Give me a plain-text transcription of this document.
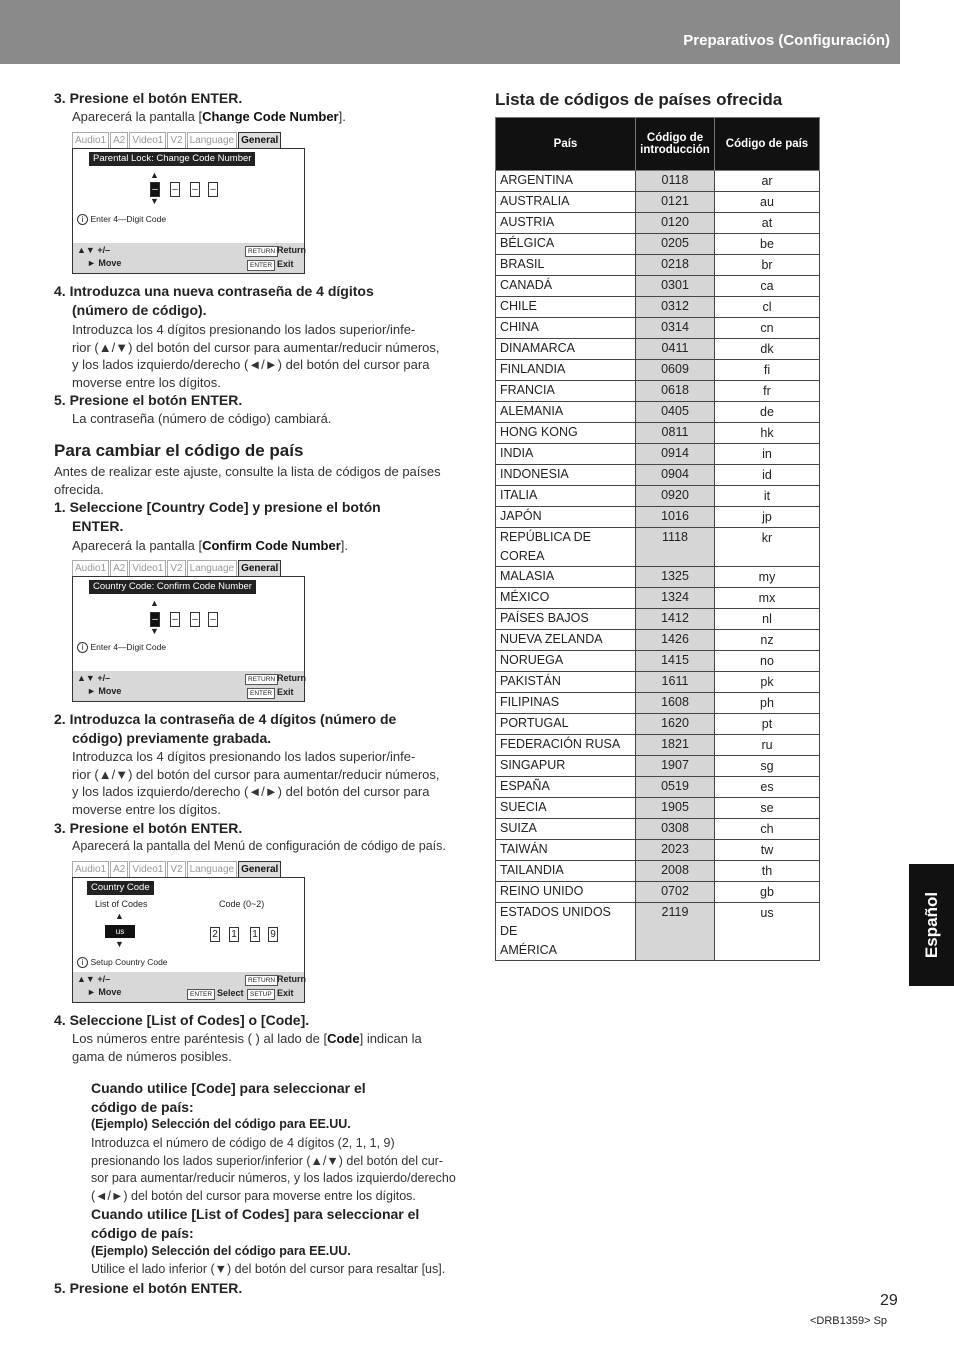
Preparativos (Configuración)
Español
3. Presione el botón ENTER.
Aparecerá la pantalla [Change Code Number].
Audio1 A2 Video1 V2 Language General
Parental Lock: Change Code Number
▲
–
▼
– – –
i Enter 4—Digit Code
▲▼ +/–
► Move
RETURN Return
ENTER Exit
4. Introduzca una nueva contraseña de 4 dígitos
(número de código).
Introduzca los 4 dígitos presionando los lados superior/infe-
rior (▲/▼) del botón del cursor para aumentar/reducir números,
y los lados izquierdo/derecho (◄/►) del botón del cursor para
moverse entre los dígitos.
5. Presione el botón ENTER.
La contraseña (número de código) cambiará.
Para cambiar el código de país
Antes de realizar este ajuste, consulte la lista de códigos de países
ofrecida.
1. Seleccione [Country Code] y presione el botón
ENTER.
Aparecerá la pantalla [Confirm Code Number].
Audio1 A2 Video1 V2 Language General
Country Code: Confirm Code Number
▲
–
▼
– – –
i Enter 4—Digit Code
▲▼ +/–
► Move
RETURN Return
ENTER Exit
2. Introduzca la contraseña de 4 dígitos (número de
código) previamente grabada.
Introduzca los 4 dígitos presionando los lados superior/infe-
rior (▲/▼) del botón del cursor para aumentar/reducir números,
y los lados izquierdo/derecho (◄/►) del botón del cursor para
moverse entre los dígitos.
3. Presione el botón ENTER.
Aparecerá la pantalla del Menú de configuración de código de país.
Audio1 A2 Video1 V2 Language General
Country Code
List of Codes	Code (0~2)
▲
us
▼
2 1 1 9
i Setup Country Code
▲▼ +/–
► Move
RETURN Return
ENTER Select SETUP Exit
4. Seleccione [List of Codes] o [Code].
Los números entre paréntesis ( ) al lado de [Code] indican la
gama de números posibles.
Cuando utilice [Code] para seleccionar el
código de país:
(Ejemplo) Selección del código para EE.UU.
Introduzca el número de código de 4 dígitos (2, 1, 1, 9)
presionando los lados superior/inferior (▲/▼) del botón del cur-
sor para aumentar/reducir números, y los lados izquierdo/derecho
(◄/►) del botón del cursor para moverse entre los dígitos.
Cuando utilice [List of Codes] para seleccionar el
código de país:
(Ejemplo) Selección del código para EE.UU.
Utilice el lado inferior (▼) del botón del cursor para resaltar [us].
5. Presione el botón ENTER.
Lista de códigos de países ofrecida
País	Código de
introducción	Código de país
ARGENTINA	0118	ar
AUSTRALIA	0121	au
AUSTRIA	0120	at
BÉLGICA	0205	be
BRASIL	0218	br
CANADÁ	0301	ca
CHILE	0312	cl
CHINA	0314	cn
DINAMARCA	0411	dk
FINLANDIA	0609	fi
FRANCIA	0618	fr
ALEMANIA	0405	de
HONG KONG	0811	hk
INDIA	0914	in
INDONESIA	0904	id
ITALIA	0920	it
JAPÓN	1016	jp

REPÚBLICA DE
COREA	1118	kr
MALASIA	1325	my
MÉXICO	1324	mx
PAÍSES BAJOS	1412	nl
NUEVA ZELANDA	1426	nz
NORUEGA	1415	no
PAKISTÁN	1611	pk
FILIPINAS	1608	ph
PORTUGAL	1620	pt
FEDERACIÓN RUSA	1821	ru
SINGAPUR	1907	sg
ESPAÑA	0519	es
SUECIA	1905	se
SUIZA	0308	ch
TAIWÁN	2023	tw
TAILANDIA	2008	th
REINO UNIDO	0702	gb

ESTADOS UNIDOS DE
AMÉRICA	2119	us
29
<DRB1359> Sp
